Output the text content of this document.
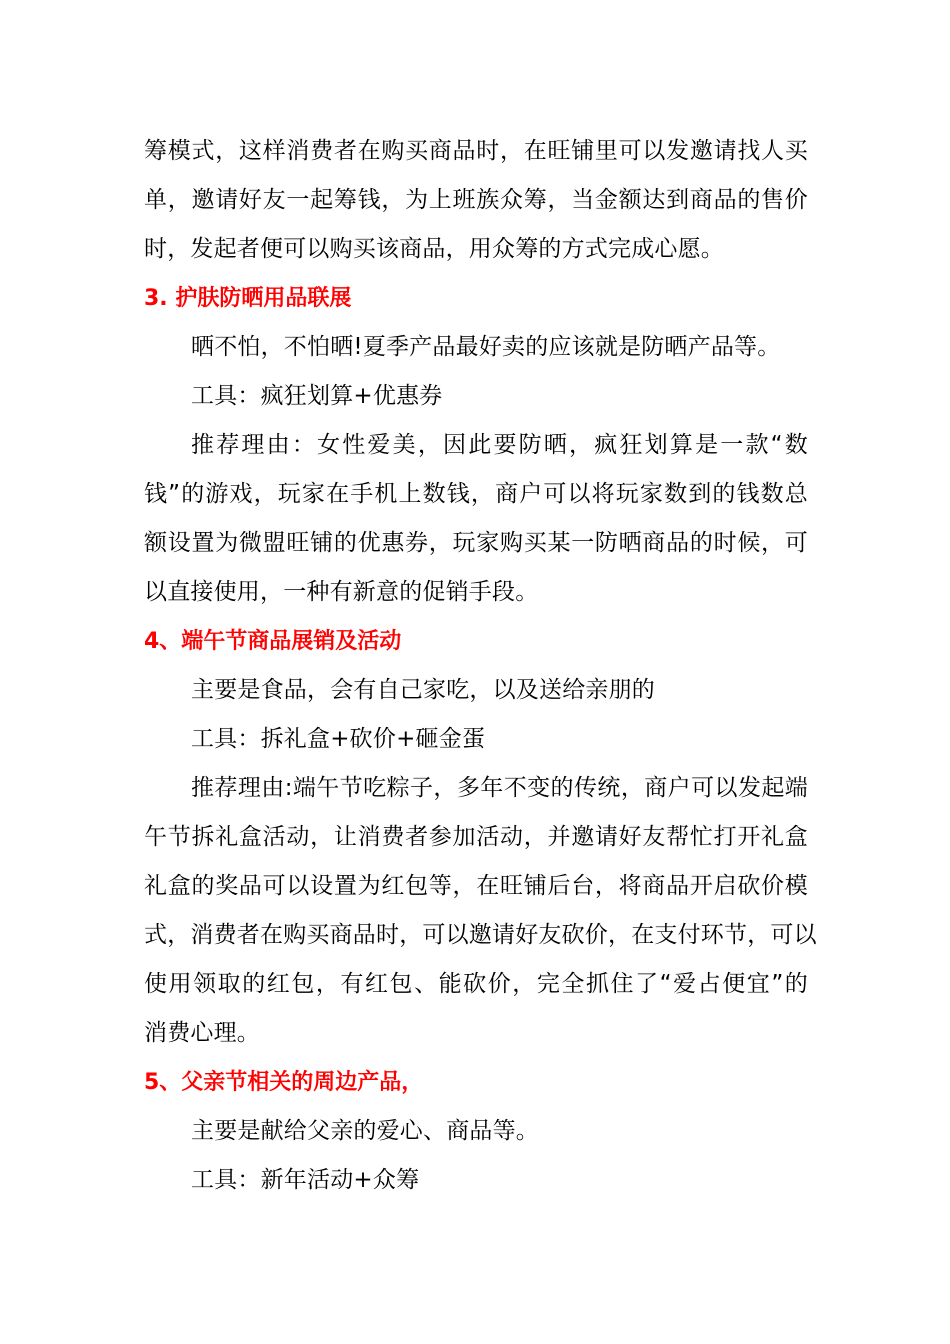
筹模式，这样消费者在购买商品时，在旺铺里可以发邀请找人买
单，邀请好友一起筹钱，为上班族众筹，当金额达到商品的售价
时，发起者便可以购买该商品，用众筹的方式完成心愿。
3. 护肤防晒用品联展
晒不怕，不怕晒!夏季产品最好卖的应该就是防晒产品等。
工具：疯狂划算+优惠券
推荐理由：女性爱美，因此要防晒，疯狂划算是一款“数
钱”的游戏，玩家在手机上数钱，商户可以将玩家数到的钱数总
额设置为微盟旺铺的优惠券，玩家购买某一防晒商品的时候，可
以直接使用，一种有新意的促销手段。
4、端午节商品展销及活动
主要是食品，会有自己家吃，以及送给亲朋的
工具：拆礼盒+砍价+砸金蛋
推荐理由:端午节吃粽子，多年不变的传统，商户可以发起端
午节拆礼盒活动，让消费者参加活动，并邀请好友帮忙打开礼盒
礼盒的奖品可以设置为红包等，在旺铺后台，将商品开启砍价模
式，消费者在购买商品时，可以邀请好友砍价，在支付环节，可以
使用领取的红包，有红包、能砍价，完全抓住了“爱占便宜”的
消费心理。
5、父亲节相关的周边产品，
主要是献给父亲的爱心、商品等。
工具：新年活动+众筹
